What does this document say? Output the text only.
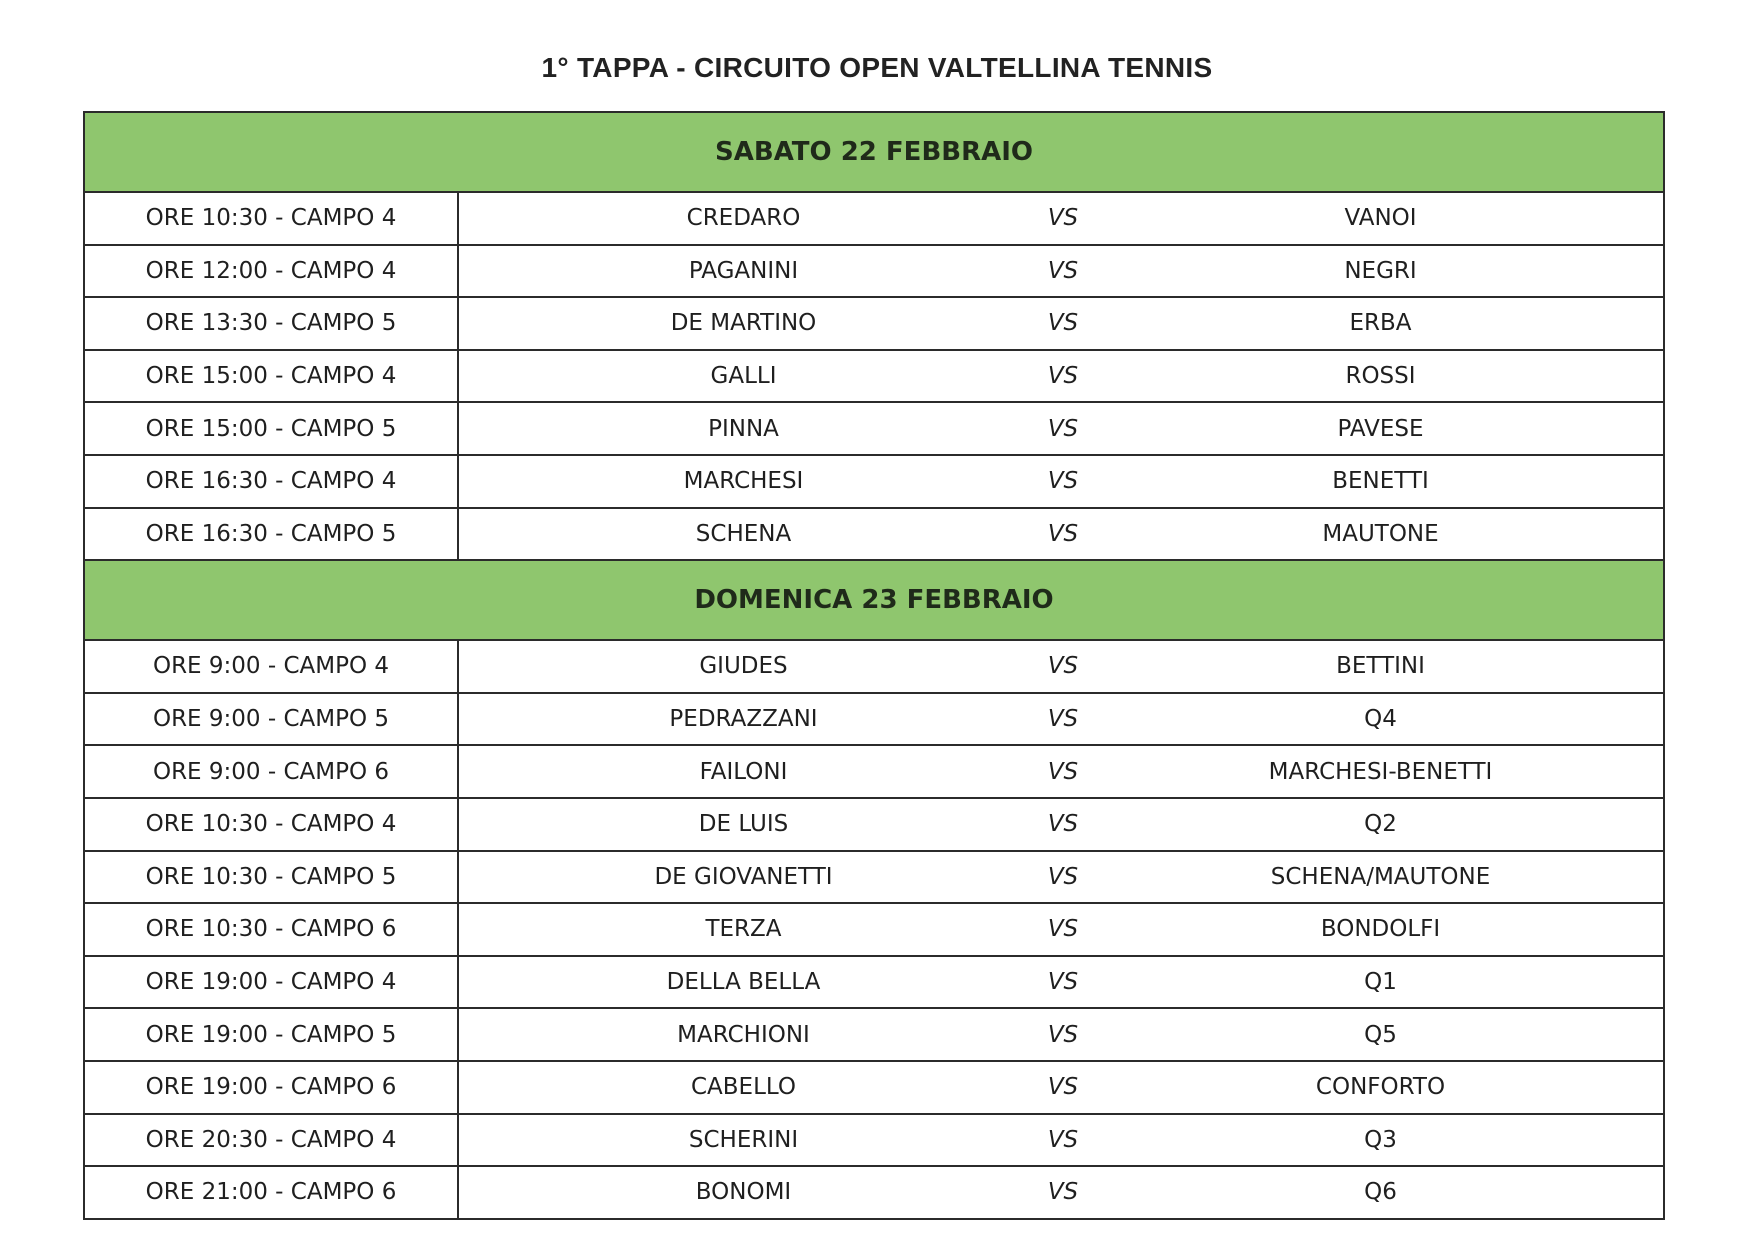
1° TAPPA - CIRCUITO OPEN VALTELLINA TENNIS
SABATO 22 FEBBRAIO			
ORE 10:30 - CAMPO 4	CREDARO	VS	VANOI
ORE 12:00 - CAMPO 4	PAGANINI	VS	NEGRI
ORE 13:30 - CAMPO 5	DE MARTINO	VS	ERBA
ORE 15:00 - CAMPO 4	GALLI	VS	ROSSI
ORE 15:00 - CAMPO 5	PINNA	VS	PAVESE
ORE 16:30 - CAMPO 4	MARCHESI	VS	BENETTI
ORE 16:30 - CAMPO 5	SCHENA	VS	MAUTONE
DOMENICA 23 FEBBRAIO			
ORE 9:00 - CAMPO 4	GIUDES	VS	BETTINI
ORE 9:00 - CAMPO 5	PEDRAZZANI	VS	Q4
ORE 9:00 - CAMPO 6	FAILONI	VS	MARCHESI-BENETTI
ORE 10:30 - CAMPO 4	DE LUIS	VS	Q2
ORE 10:30 - CAMPO 5	DE GIOVANETTI	VS	SCHENA/MAUTONE
ORE 10:30 - CAMPO 6	TERZA	VS	BONDOLFI
ORE 19:00 - CAMPO 4	DELLA BELLA	VS	Q1
ORE 19:00 - CAMPO 5	MARCHIONI	VS	Q5
ORE 19:00 - CAMPO 6	CABELLO	VS	CONFORTO
ORE 20:30 - CAMPO 4	SCHERINI	VS	Q3
ORE 21:00 - CAMPO 6	BONOMI	VS	Q6
